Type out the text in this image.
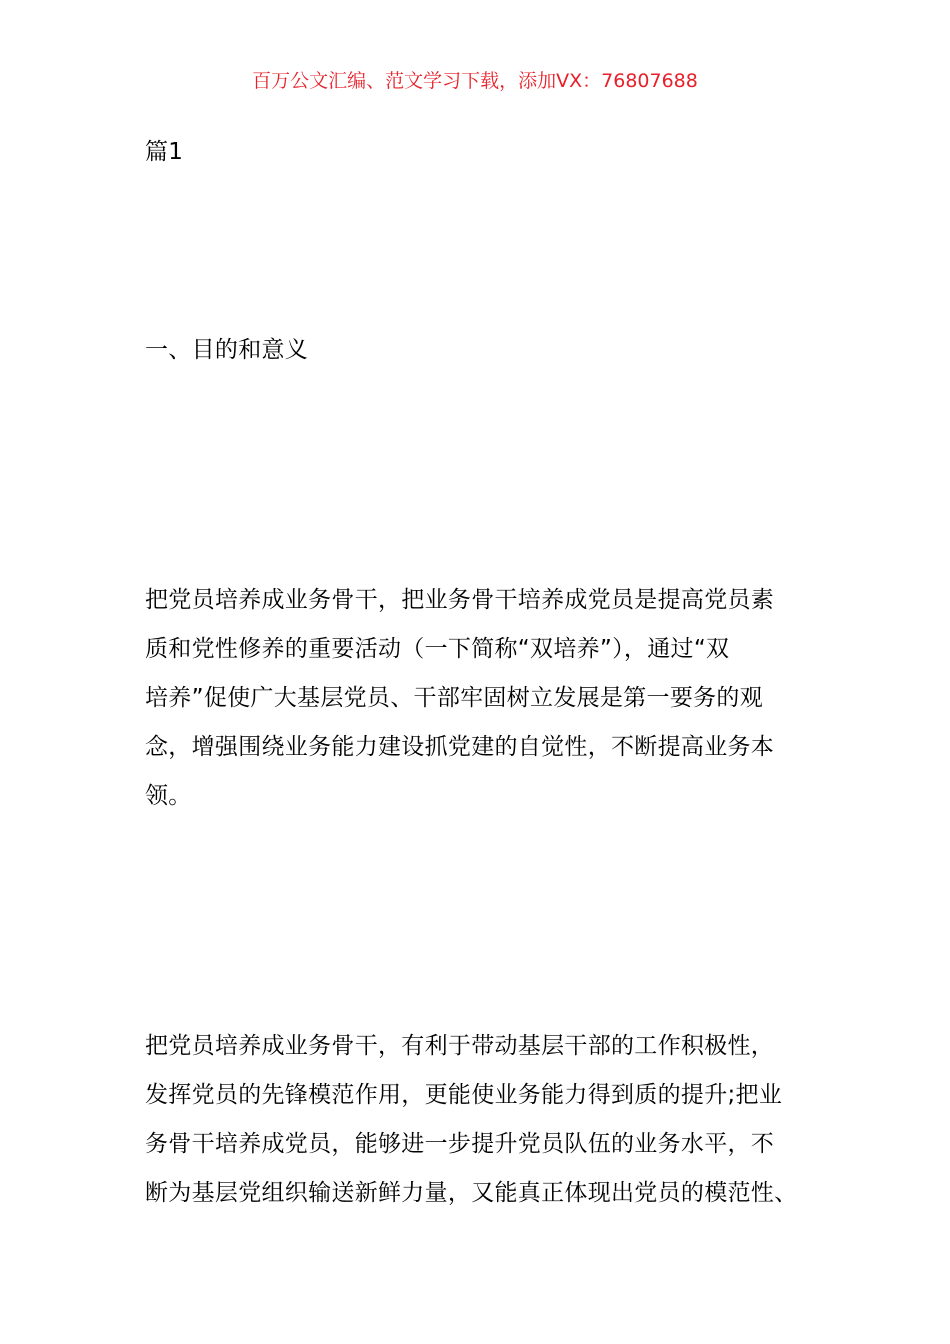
百万公文汇编、范文学习下载，添加VX：76807688
篇1
一、目的和意义
把党员培养成业务骨干，把业务骨干培养成党员是提高党员素
质和党性修养的重要活动（一下简称“双培养”），通过“双
培养”促使广大基层党员、干部牢固树立发展是第一要务的观
念，增强围绕业务能力建设抓党建的自觉性，不断提高业务本
领。
把党员培养成业务骨干，有利于带动基层干部的工作积极性，
发挥党员的先锋模范作用，更能使业务能力得到质的提升;把业
务骨干培养成党员，能够进一步提升党员队伍的业务水平，不
断为基层党组织输送新鲜力量，又能真正体现出党员的模范性、
